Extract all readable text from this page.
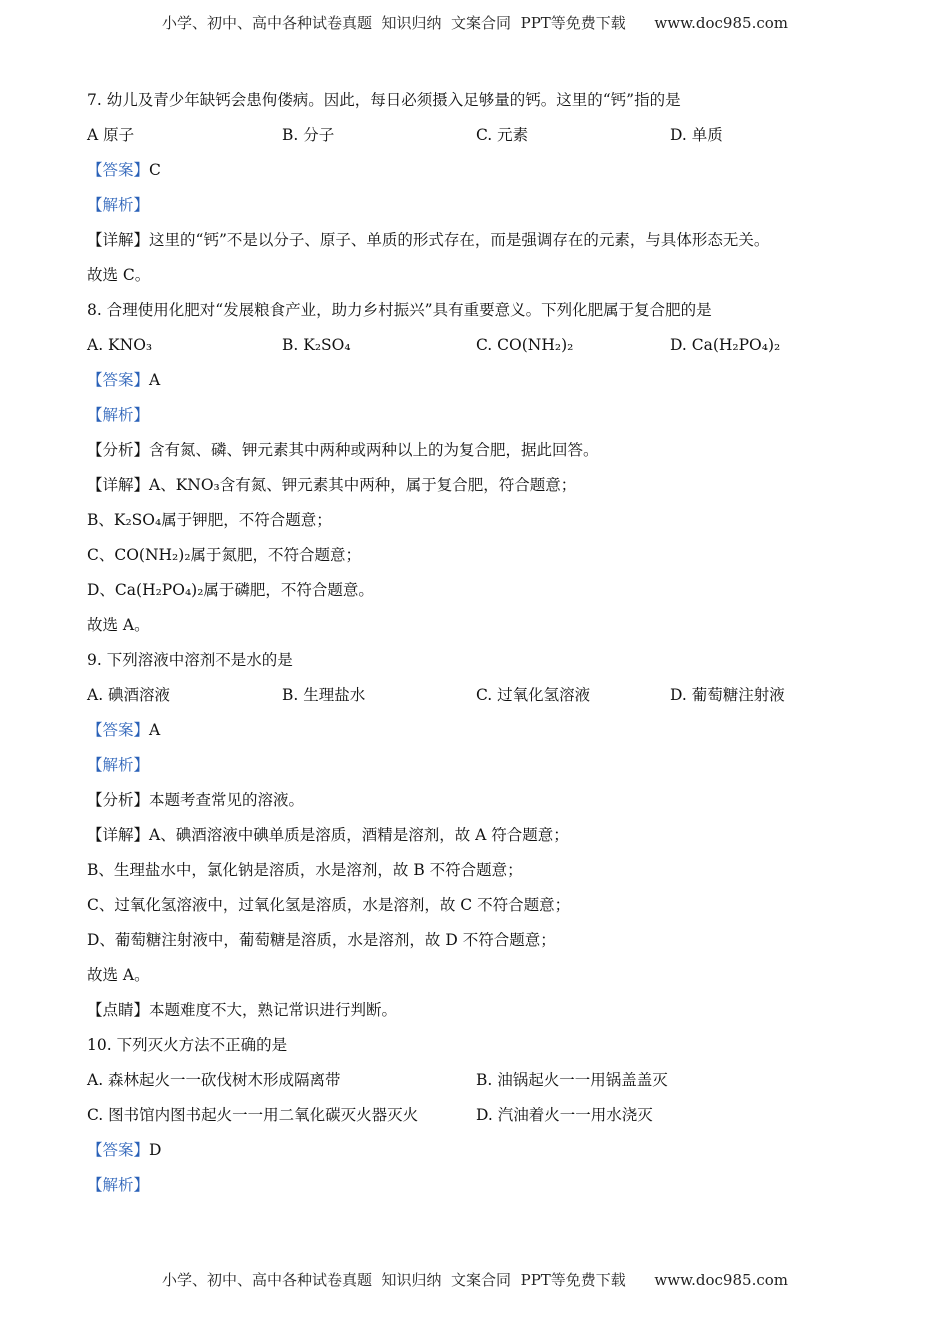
小学、初中、高中各种试卷真题  知识归纳  文案合同  PPT等免费下载      www.doc985.com
7. 幼儿及青少年缺钙会患佝偻病。因此，每日必须摄入足够量的钙。这里的“钙”指的是
A 原子	B. 分子	C. 元素	D. 单质
【答案】C
【解析】
【详解】这里的“钙”不是以分子、原子、单质的形式存在，而是强调存在的元素，与具体形态无关。
故选 C。
8. 合理使用化肥对“发展粮食产业，助力乡村振兴”具有重要意义。下列化肥属于复合肥的是
A. KNO₃	B. K₂SO₄	C. CO(NH₂)₂	D. Ca(H₂PO₄)₂
【答案】A
【解析】
【分析】含有氮、磷、钾元素其中两种或两种以上的为复合肥，据此回答。
【详解】A、KNO₃含有氮、钾元素其中两种，属于复合肥，符合题意；
B、K₂SO₄属于钾肥，不符合题意；
C、CO(NH₂)₂属于氮肥，不符合题意；
D、Ca(H₂PO₄)₂属于磷肥，不符合题意。
故选 A。
9. 下列溶液中溶剂不是水的是
A. 碘酒溶液	B. 生理盐水	C. 过氧化氢溶液	D. 葡萄糖注射液
【答案】A
【解析】
【分析】本题考查常见的溶液。
【详解】A、碘酒溶液中碘单质是溶质，酒精是溶剂，故 A 符合题意；
B、生理盐水中，氯化钠是溶质，水是溶剂，故 B 不符合题意；
C、过氧化氢溶液中，过氧化氢是溶质，水是溶剂，故 C 不符合题意；
D、葡萄糖注射液中，葡萄糖是溶质，水是溶剂，故 D 不符合题意；
故选 A。
【点睛】本题难度不大，熟记常识进行判断。
10. 下列灭火方法不正确的是
A. 森林起火一一砍伐树木形成隔离带	B. 油锅起火一一用锅盖盖灭
C. 图书馆内图书起火一一用二氧化碳灭火器灭火	D. 汽油着火一一用水浇灭
【答案】D
【解析】
小学、初中、高中各种试卷真题  知识归纳  文案合同  PPT等免费下载      www.doc985.com
